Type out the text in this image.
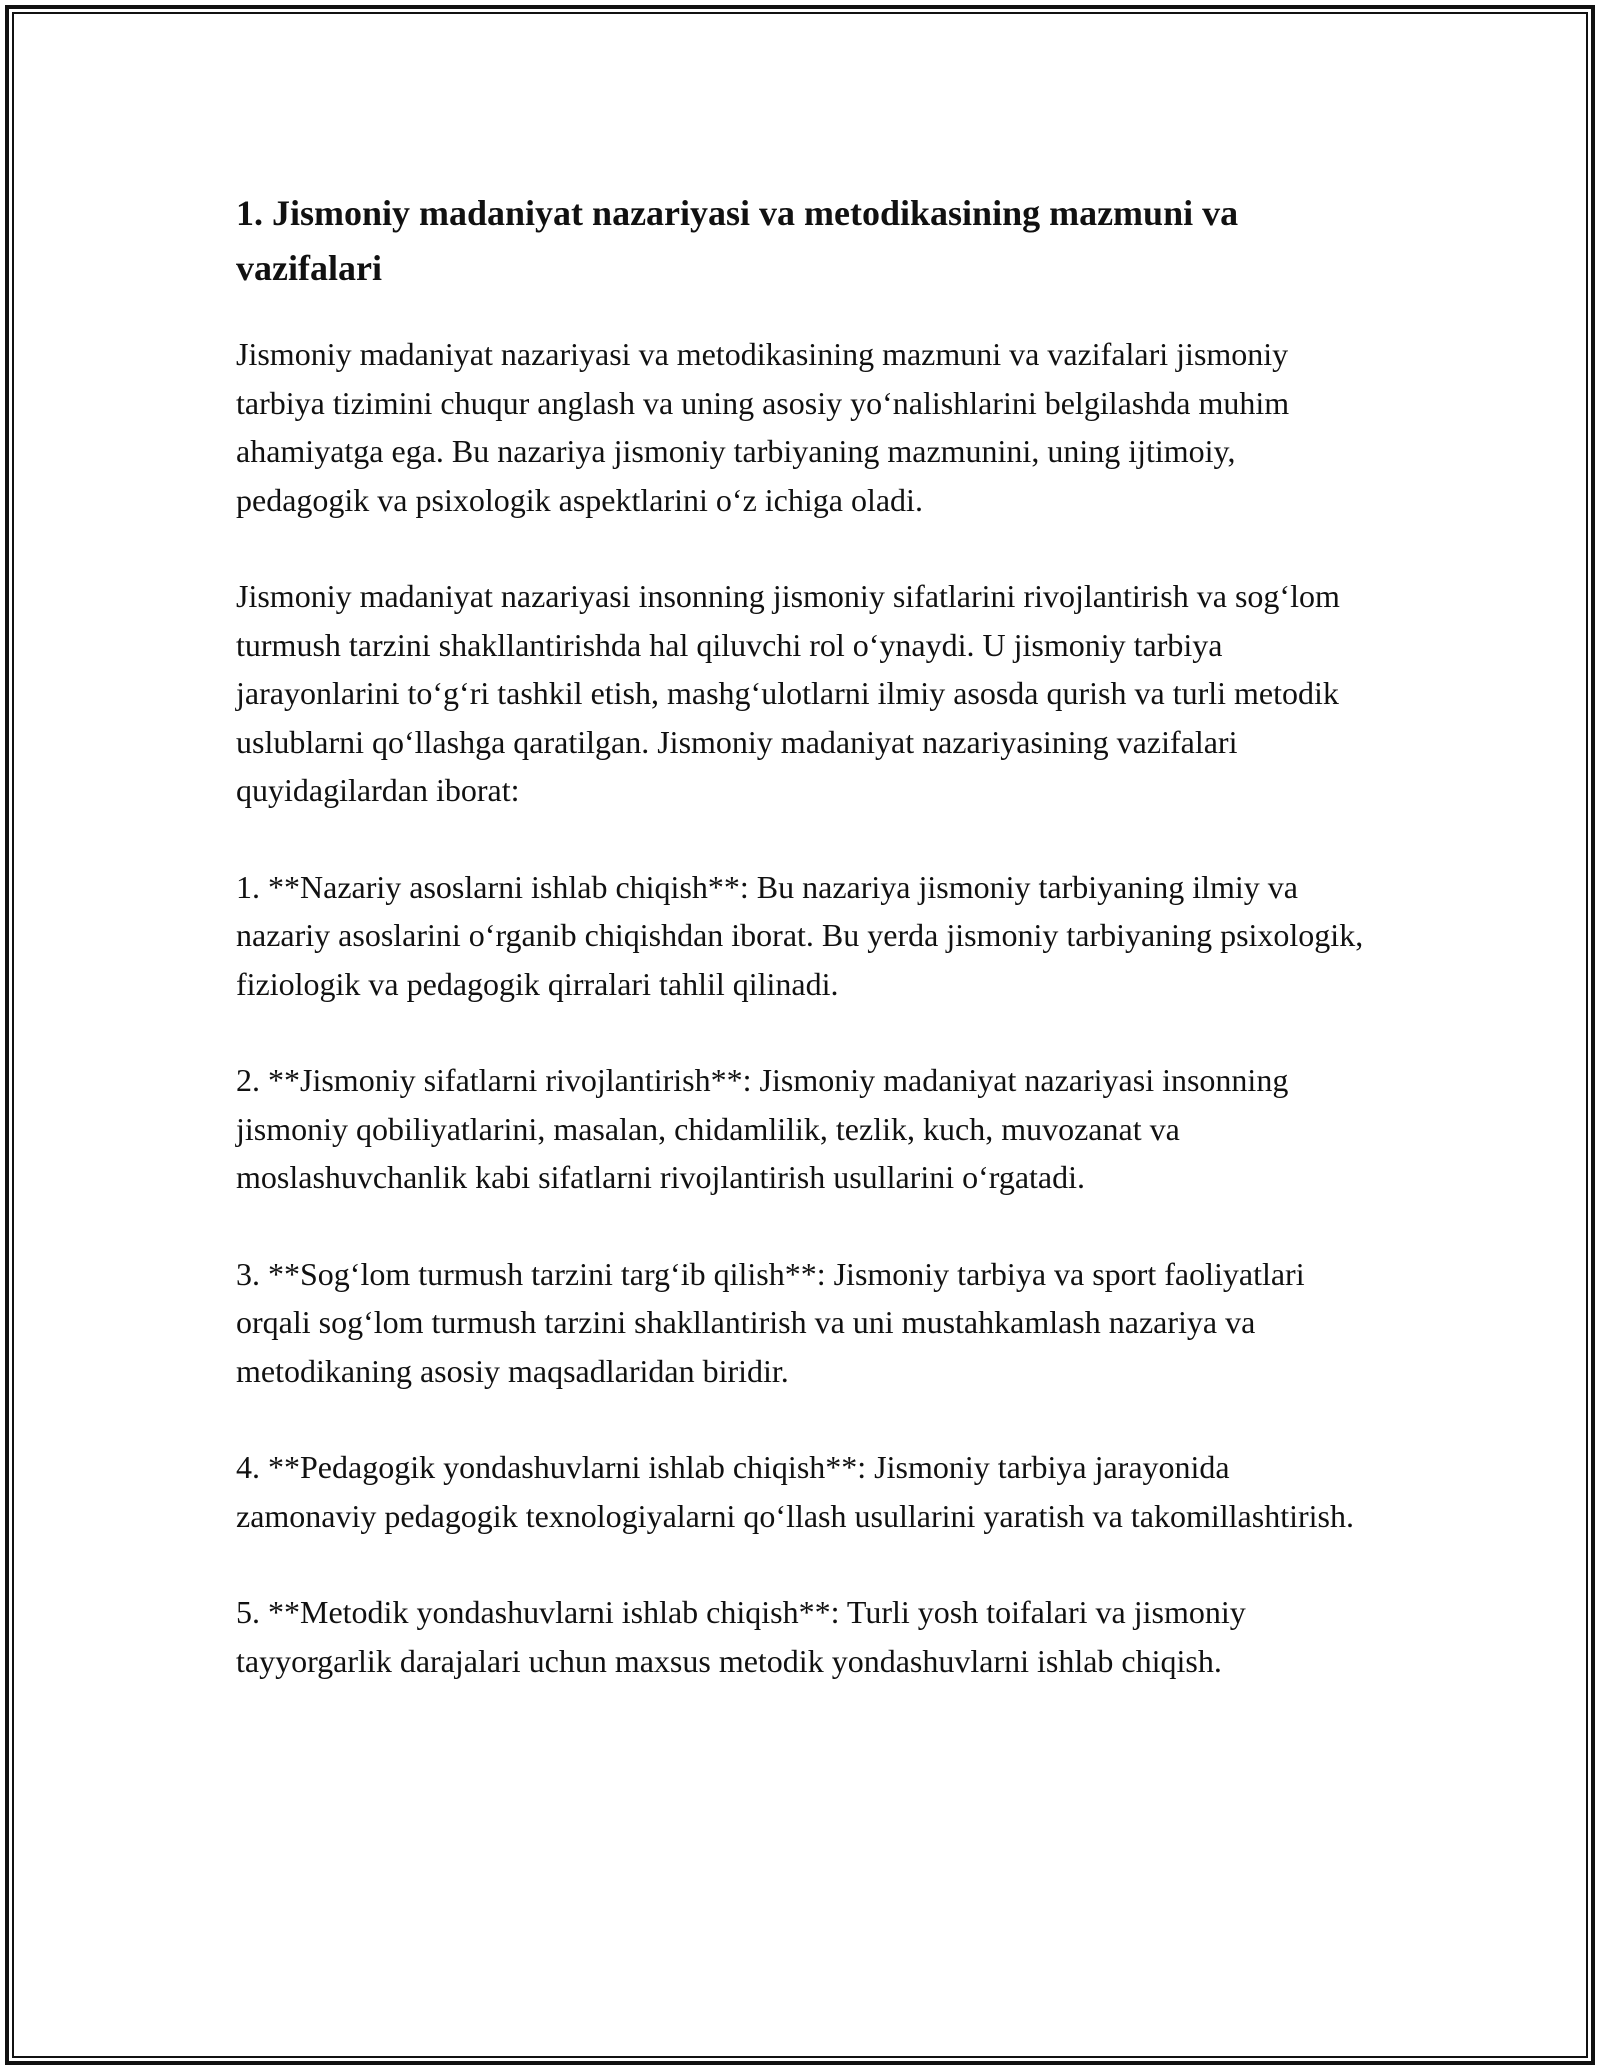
1. Jismoniy madaniyat nazariyasi va metodikasining mazmuni va vazifalari

Jismoniy madaniyat nazariyasi va metodikasining mazmuni va vazifalari jismoniy tarbiya tizimini chuqur anglash va uning asosiy yo‘nalishlarini belgilashda muhim ahamiyatga ega. Bu nazariya jismoniy tarbiyaning mazmunini, uning ijtimoiy, pedagogik va psixologik aspektlarini o‘z ichiga oladi.

Jismoniy madaniyat nazariyasi insonning jismoniy sifatlarini rivojlantirish va sog‘lom turmush tarzini shakllantirishda hal qiluvchi rol o‘ynaydi. U jismoniy tarbiya jarayonlarini to‘g‘ri tashkil etish, mashg‘ulotlarni ilmiy asosda qurish va turli metodik uslublarni qo‘llashga qaratilgan. Jismoniy madaniyat nazariyasining vazifalari quyidagilardan iborat:

1. **Nazariy asoslarni ishlab chiqish**: Bu nazariya jismoniy tarbiyaning ilmiy va nazariy asoslarini o‘rganib chiqishdan iborat. Bu yerda jismoniy tarbiyaning psixologik, fiziologik va pedagogik qirralari tahlil qilinadi.

2. **Jismoniy sifatlarni rivojlantirish**: Jismoniy madaniyat nazariyasi insonning jismoniy qobiliyatlarini, masalan, chidamlilik, tezlik, kuch, muvozanat va moslashuvchanlik kabi sifatlarni rivojlantirish usullarini o‘rgatadi.

3. **Sog‘lom turmush tarzini targ‘ib qilish**: Jismoniy tarbiya va sport faoliyatlari orqali sog‘lom turmush tarzini shakllantirish va uni mustahkamlash nazariya va metodikaning asosiy maqsadlaridan biridir.

4. **Pedagogik yondashuvlarni ishlab chiqish**: Jismoniy tarbiya jarayonida zamonaviy pedagogik texnologiyalarni qo‘llash usullarini yaratish va takomillashtirish.

5. **Metodik yondashuvlarni ishlab chiqish**: Turli yosh toifalari va jismoniy tayyorgarlik darajalari uchun maxsus metodik yondashuvlarni ishlab chiqish.
